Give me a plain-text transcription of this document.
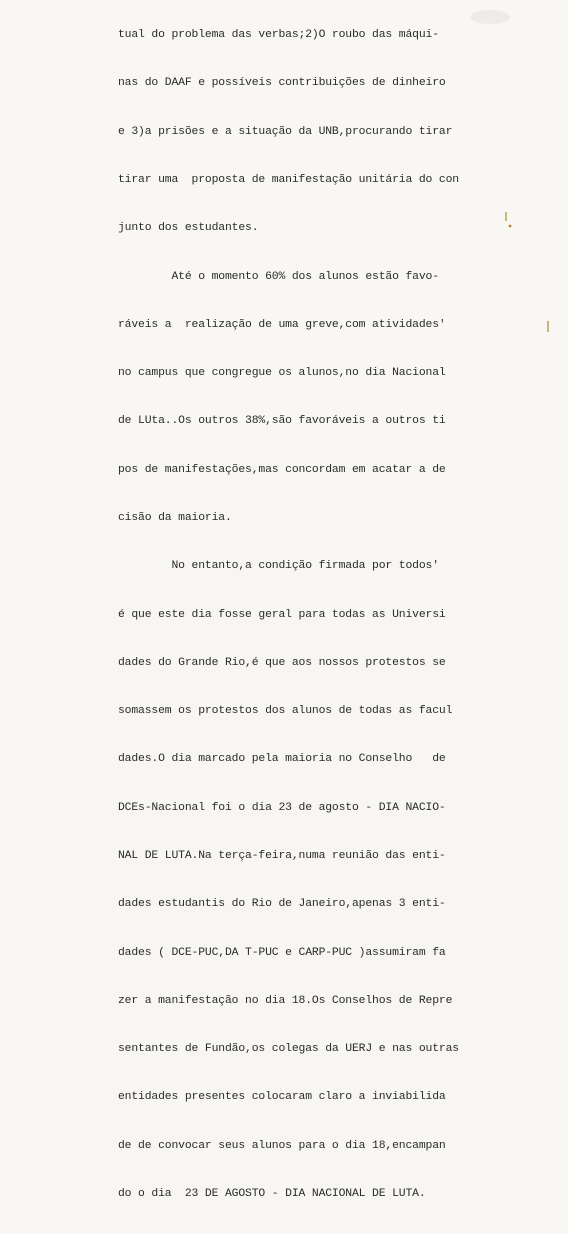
tual do problema das verbas;2)O roubo das máqui-

nas do DAAF e possíveis contribuições de dinheiro

e 3)a prisões e a situação da UNB,procurando tirar

tirar uma  proposta de manifestação unitária do con

junto dos estudantes.

Até o momento 60% dos alunos estão favo-

ráveis a  realização de uma greve,com atividades'

no campus que congregue os alunos,no dia Nacional

de LUta..Os outros 38%,são favoráveis a outros ti

pos de manifestações,mas concordam em acatar a de

cisão da maioria.

No entanto,a condição firmada por todos'

é que este dia fosse geral para todas as Universi

dades do Grande Rio,é que aos nossos protestos se

somassem os protestos dos alunos de todas as facul

dades.O dia marcado pela maioria no Conselho   de

DCEs-Nacional foi o dia 23 de agosto - DIA NACIO-

NAL DE LUTA.Na terça-feira,numa reunião das enti-

dades estudantis do Rio de Janeiro,apenas 3 enti-

dades ( DCE-PUC,DA T-PUC e CARP-PUC )assumiram fa

zer a manifestação no dia 18.Os Conselhos de Repre

sentantes de Fundão,os colegas da UERJ e nas outras

entidades presentes colocaram claro a inviabilida

de de convocar seus alunos para o dia 18,encampan

do o dia  23 DE AGOSTO - DIA NACIONAL DE LUTA.
